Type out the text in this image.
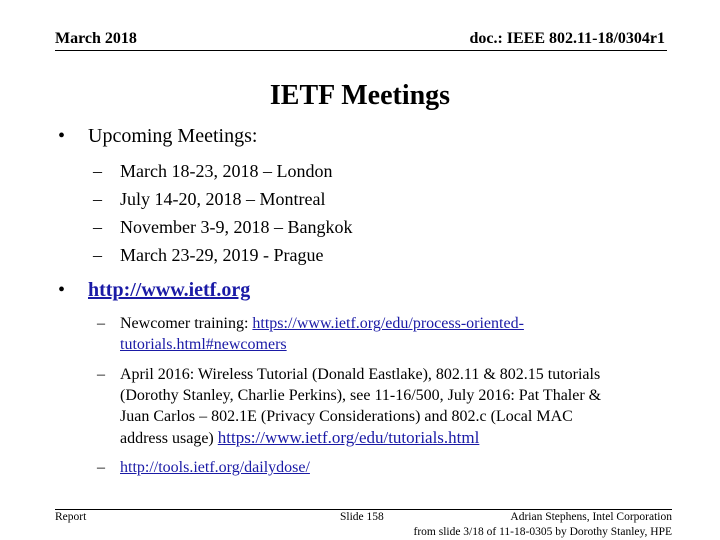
March 2018	doc.: IEEE 802.11-18/0304r1
IETF Meetings
• Upcoming Meetings:
– March 18-23, 2018 – London
– July 14-20, 2018 – Montreal
– November 3-9, 2018 – Bangkok
– March 23-29, 2019 - Prague
• http://www.ietf.org
– Newcomer training: https://www.ietf.org/edu/process-oriented-
tutorials.html#newcomers
– April 2016: Wireless Tutorial (Donald Eastlake), 802.11 & 802.15 tutorials
(Dorothy Stanley, Charlie Perkins), see 11-16/500, July 2016: Pat Thaler &
Juan Carlos – 802.1E (Privacy Considerations) and 802.c (Local MAC
address usage) https://www.ietf.org/edu/tutorials.html
– http://tools.ietf.org/dailydose/
Report	Slide 158	Adrian Stephens, Intel Corporation
from slide 3/18 of 11-18-0305 by Dorothy Stanley, HPE
